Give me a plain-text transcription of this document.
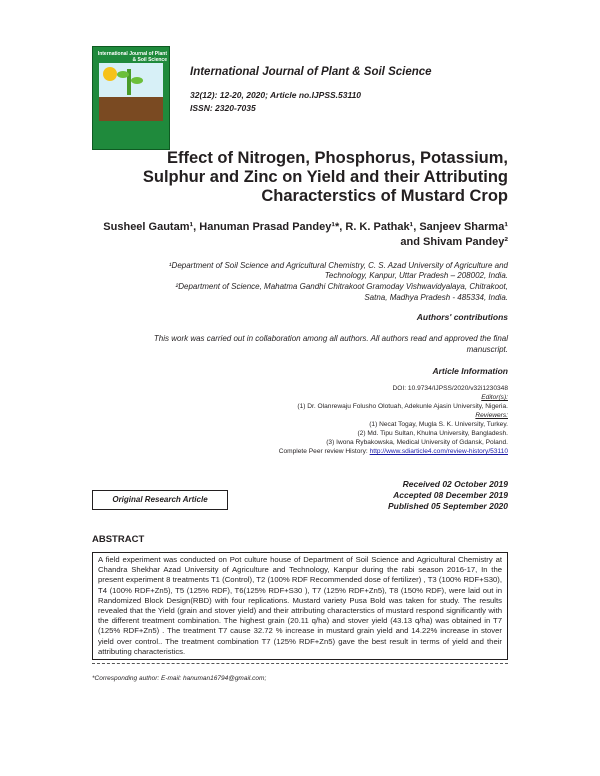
International Journal of Plant & Soil Science
International Journal of Plant & Soil Science
32(12): 12-20, 2020; Article no.IJPSS.53110
ISSN: 2320-7035
Effect of Nitrogen, Phosphorus, Potassium,
Sulphur and Zinc on Yield and their Attributing
Characterstics of Mustard Crop
Susheel Gautam¹, Hanuman Prasad Pandey¹*, R. K. Pathak¹, Sanjeev Sharma¹
and Shivam Pandey²
¹Department of Soil Science and Agricultural Chemistry, C. S. Azad University of Agriculture and
Technology, Kanpur, Uttar Pradesh – 208002, India.
²Department of Science, Mahatma Gandhi Chitrakoot Gramoday Vishwavidyalaya, Chitrakoot,
Satna, Madhya Pradesh - 485334, India.
Authors' contributions
This work was carried out in collaboration among all authors. All authors read and approved the final
manuscript.
Article Information
DOI: 10.9734/IJPSS/2020/v32i1230348
Editor(s):
(1) Dr. Olanrewaju Folusho Olotuah, Adekunle Ajasin University, Nigeria.
Reviewers:
(1) Necat Togay, Mugla S. K. University, Turkey.
(2) Md. Tipu Sultan, Khulna University, Bangladesh.
(3) Iwona Rybakowska, Medical University of Gdansk, Poland.
Complete Peer review History: http://www.sdiarticle4.com/review-history/53110
Received 02 October 2019
Accepted 08 December 2019
Published 05 September 2020
Original Research Article
ABSTRACT
A field experiment was conducted on Pot culture house of Department of Soil Science and Agricultural Chemistry at Chandra Shekhar Azad University of Agriculture and Technology, Kanpur during the rabi season 2016-17, In the present experiment 8 treatments T1 (Control), T2 (100% RDF Recommended dose of fertilizer) , T3 (100% RDF+S30), T4 (100% RDF+Zn5), T5 (125% RDF), T6(125% RDF+S30 ), T7 (125% RDF+Zn5), T8 (150% RDF), were laid out in Randomized Block Design(RBD) with four replications. Mustard variety Pusa Bold was taken for study. The results revealed that the Yield (grain and stover yield) and their attributing characterstics of mustard respond significantly with the different treatment combination. The highest grain (20.11 q/ha) and stover yield (43.13 q/ha) was obtained in T7 (125% RDF+Zn5) . The treatment T7 cause 32.72 % increase in mustard grain yield and 14.22% increase in stover yield over control.. The treatment combination T7 (125% RDF+Zn5) gave the best result in terms of yield and their attributing characteristics.
*Corresponding author: E-mail: hanuman16794@gmail.com;
